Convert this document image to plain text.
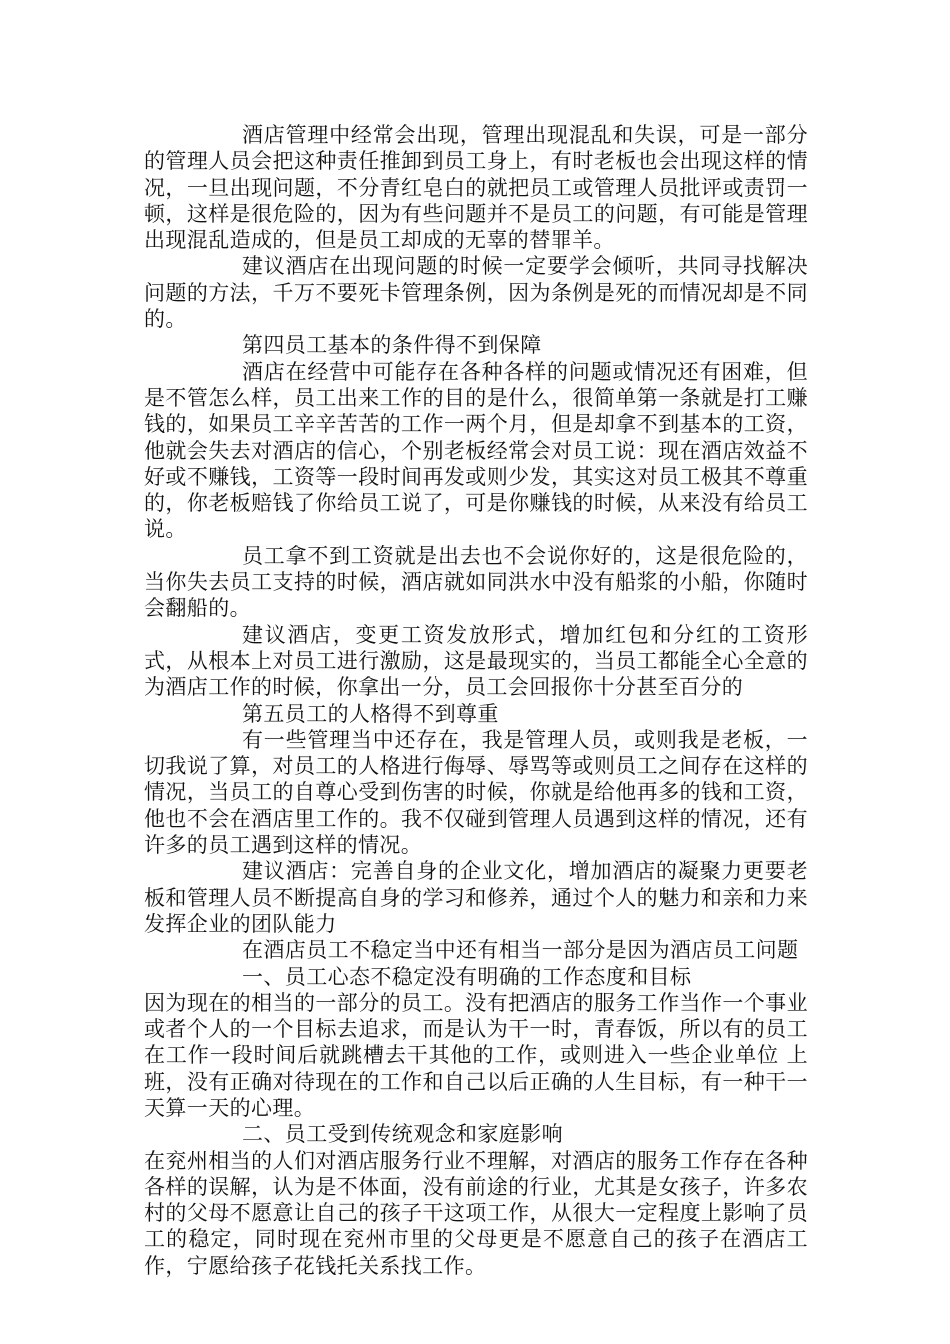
酒店管理中经常会出现，管理出现混乱和失误，可是一部分的管理人员会把这种责任推卸到员工身上，有时老板也会出现这样的情况，一旦出现问题，不分青红皂白的就把员工或管理人员批评或责罚一顿，这样是很危险的，因为有些问题并不是员工的问题，有可能是管理出现混乱造成的，但是员工却成的无辜的替罪羊。

建议酒店在出现问题的时候一定要学会倾听，共同寻找解决问题的方法，千万不要死卡管理条例，因为条例是死的而情况却是不同的。

第四员工基本的条件得不到保障

酒店在经营中可能存在各种各样的问题或情况还有困难，但是不管怎么样，员工出来工作的目的是什么，很简单第一条就是打工赚钱的，如果员工辛辛苦苦的工作一两个月，但是却拿不到基本的工资，他就会失去对酒店的信心，个别老板经常会对员工说：现在酒店效益不好或不赚钱，工资等一段时间再发或则少发，其实这对员工极其不尊重的，你老板赔钱了你给员工说了，可是你赚钱的时候，从来没有给员工说。

员工拿不到工资就是出去也不会说你好的，这是很危险的，当你失去员工支持的时候，酒店就如同洪水中没有船浆的小船，你随时会翻船的。

建议酒店，变更工资发放形式，增加红包和分红的工资形式，从根本上对员工进行激励，这是最现实的，当员工都能全心全意的为酒店工作的时候，你拿出一分，员工会回报你十分甚至百分的

第五员工的人格得不到尊重

有一些管理当中还存在，我是管理人员，或则我是老板，一切我说了算，对员工的人格进行侮辱、辱骂等或则员工之间存在这样的情况，当员工的自尊心受到伤害的时候，你就是给他再多的钱和工资，他也不会在酒店里工作的。我不仅碰到管理人员遇到这样的情况，还有许多的员工遇到这样的情况。

建议酒店：完善自身的企业文化，增加酒店的凝聚力更要老板和管理人员不断提高自身的学习和修养，通过个人的魅力和亲和力来发挥企业的团队能力

在酒店员工不稳定当中还有相当一部分是因为酒店员工问题

一、员工心态不稳定没有明确的工作态度和目标

因为现在的相当的一部分的员工。没有把酒店的服务工作当作一个事业或者个人的一个目标去追求，而是认为干一时，青春饭，所以有的员工在工作一段时间后就跳槽去干其他的工作，或则进入一些企业单位 上班，没有正确对待现在的工作和自己以后正确的人生目标，有一种干一天算一天的心理。

二、员工受到传统观念和家庭影响

在兖州相当的人们对酒店服务行业不理解，对酒店的服务工作存在各种各样的误解，认为是不体面，没有前途的行业，尤其是女孩子，许多农村的父母不愿意让自己的孩子干这项工作，从很大一定程度上影响了员工的稳定，同时现在兖州市里的父母更是不愿意自己的孩子在酒店工作，宁愿给孩子花钱托关系找工作。
